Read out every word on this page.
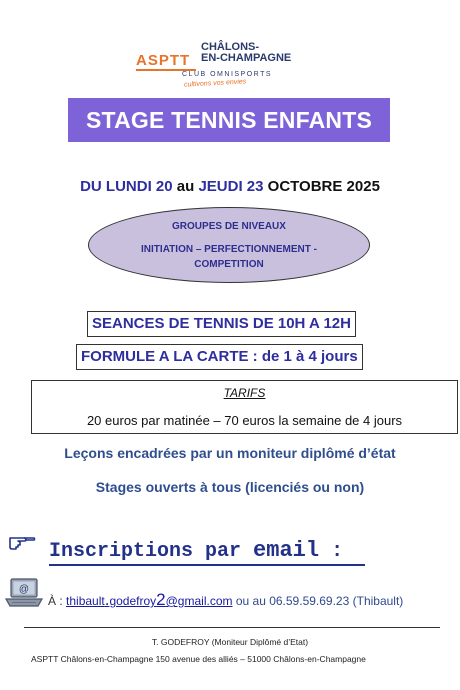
ASPTT
CHÂLONS-
EN-CHAMPAGNE
CLUB OMNISPORTS
cultivons vos envies
STAGE TENNIS ENFANTS
DU LUNDI 20 au JEUDI 23 OCTOBRE 2025
GROUPES DE NIVEAUX
INITIATION – PERFECTIONNEMENT -
COMPETITION
SEANCES DE TENNIS DE 10H A 12H
FORMULE A LA CARTE : de 1 à 4 jours
TARIFS
20 euros par matinée – 70 euros la semaine de 4 jours
Leçons encadrées par un moniteur diplômé d’état
Stages ouverts à tous (licenciés ou non)
Inscriptions par email :
@
À : thibault.godefroy2@gmail.com ou au 06.59.59.69.23 (Thibault)
T. GODEFROY (Moniteur Diplômé d’Etat)
ASPTT Châlons-en-Champagne 150 avenue des alliés – 51000 Châlons-en-Champagne
